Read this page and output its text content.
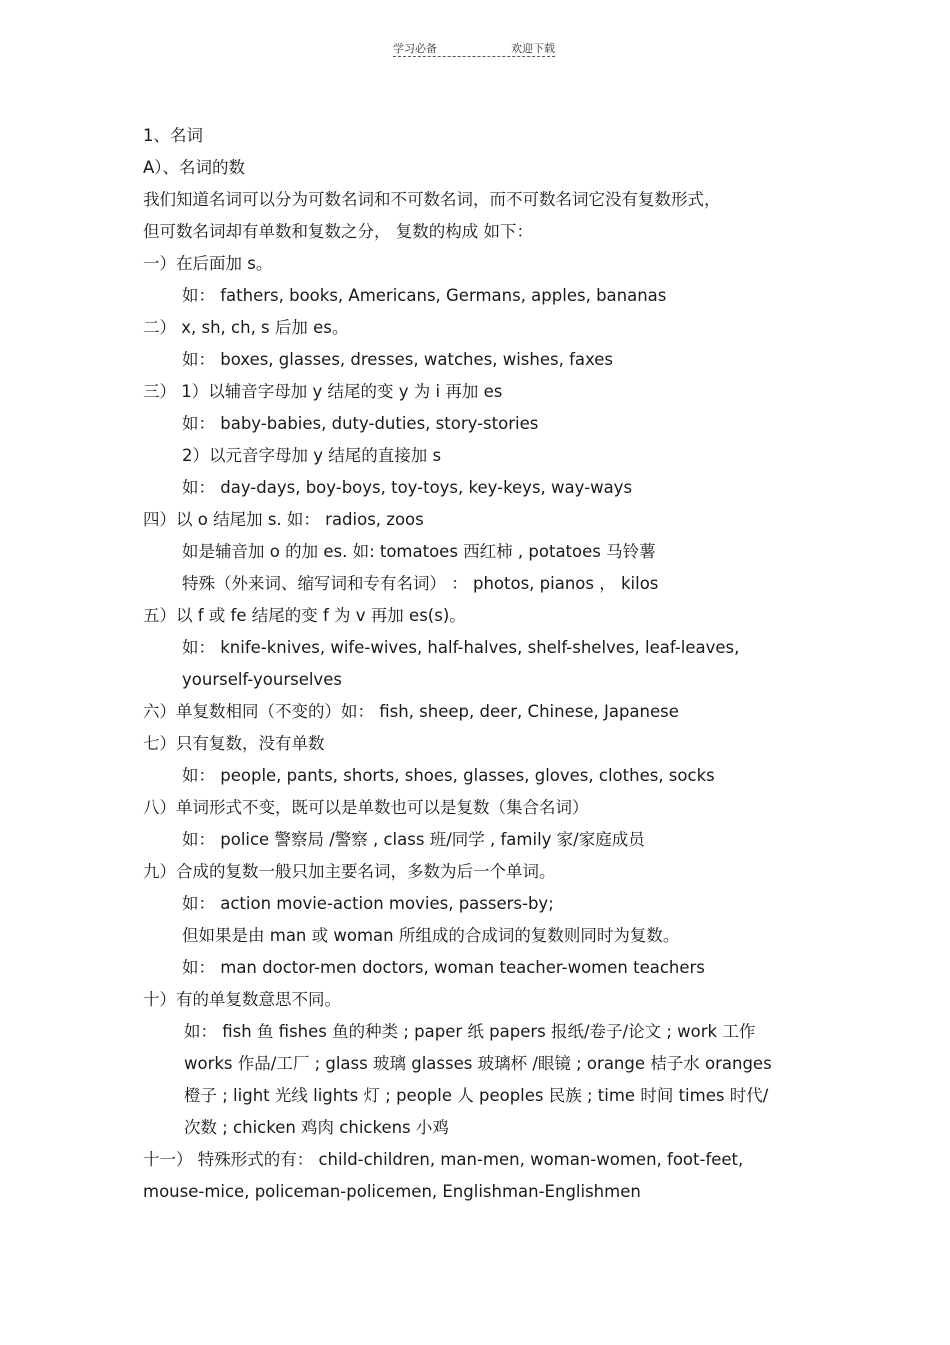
学习必备	欢迎下载
1、名词
A）、名词的数
我们知道名词可以分为可数名词和不可数名词，而不可数名词它没有复数形式，
但可数名词却有单数和复数之分， 复数的构成 如下：
一）在后面加 s。
如： fathers, books, Americans, Germans, apples, bananas
二） x, sh, ch, s 后加 es。
如： boxes, glasses, dresses, watches, wishes, faxes
三） 1）以辅音字母加 y 结尾的变 y 为 i 再加 es
如： baby-babies, duty-duties, story-stories
2）以元音字母加 y 结尾的直接加 s
如： day-days, boy-boys, toy-toys, key-keys, way-ways
四）以 o 结尾加 s. 如： radios, zoos
如是辅音加 o 的加 es. 如: tomatoes 西红柿 , potatoes 马铃薯
特殊（外来词、缩写词和专有名词） ： photos, pianos ， kilos
五）以 f 或 fe 结尾的变 f 为 v 再加 es(s)。
如： knife-knives, wife-wives, half-halves, shelf-shelves, leaf-leaves,
yourself-yourselves
六）单复数相同（不变的）如： fish, sheep, deer, Chinese, Japanese
七）只有复数，没有单数
如： people, pants, shorts, shoes, glasses, gloves, clothes, socks
八）单词形式不变，既可以是单数也可以是复数（集合名词）
如： police 警察局 /警察 , class 班/同学 , family 家/家庭成员
九）合成的复数一般只加主要名词，多数为后一个单词。
如： action movie-action movies, passers-by;
但如果是由 man 或 woman 所组成的合成词的复数则同时为复数。
如： man doctor-men doctors, woman teacher-women teachers
十）有的单复数意思不同。
如： fish 鱼 fishes 鱼的种类 ; paper 纸 papers 报纸/卷子/论文 ; work 工作
works 作品/工厂 ; glass 玻璃 glasses 玻璃杯 /眼镜 ; orange 桔子水 oranges
橙子 ; light 光线 lights 灯 ; people 人 peoples 民族 ; time 时间 times 时代/
次数 ; chicken 鸡肉 chickens 小鸡
十一） 特殊形式的有： child-children, man-men, woman-women, foot-feet,
mouse-mice, policeman-policemen, Englishman-Englishmen
